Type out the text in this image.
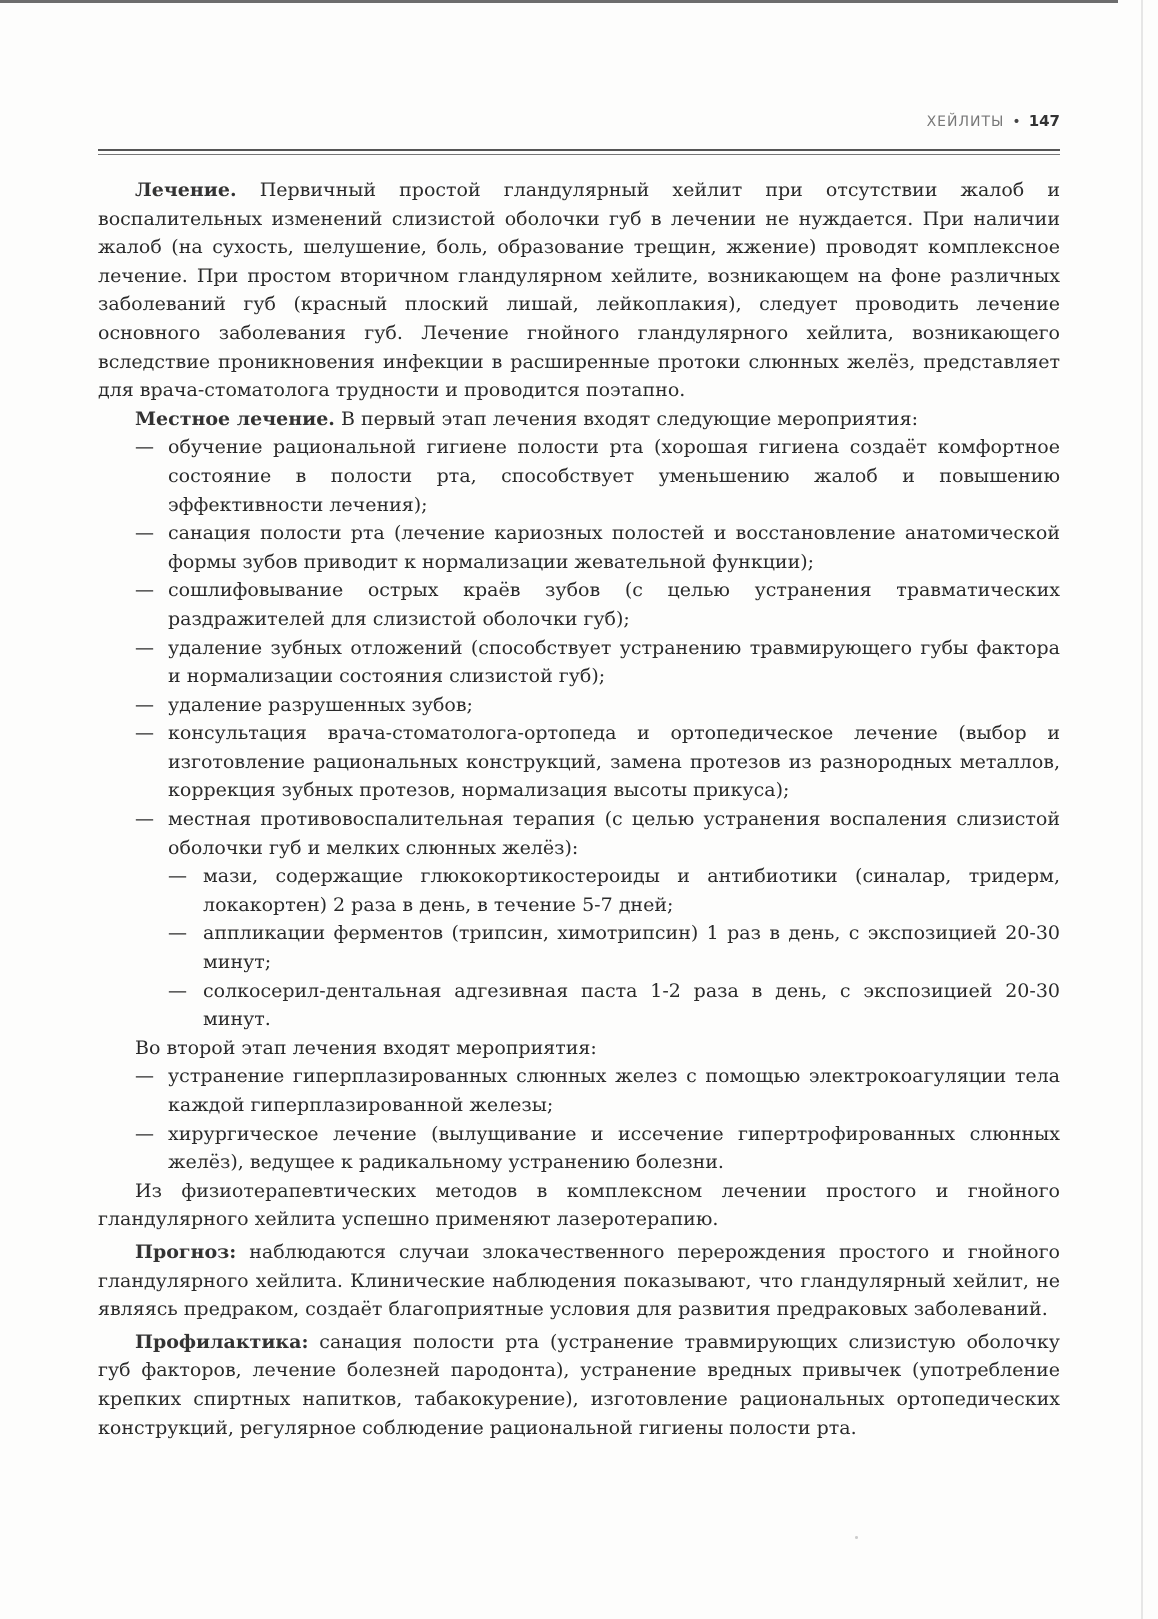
ХЕЙЛИТЫ • 147

Лечение. Первичный простой гландулярный хейлит при отсутствии жалоб и воспалительных изменений слизистой оболочки губ в лечении не нуждается. При наличии жалоб (на сухость, шелушение, боль, образование трещин, жжение) проводят комплексное лечение. При простом вторичном гландулярном хейлите, возникающем на фоне различных заболеваний губ (красный плоский лишай, лейкоплакия), следует проводить лечение основного заболевания губ. Лечение гнойного гландулярного хейлита, возникающего вследствие проникновения инфекции в расширенные протоки слюнных желёз, представляет для врача-стоматолога трудности и проводится поэтапно.

Местное лечение. В первый этап лечения входят следующие мероприятия:

— обучение рациональной гигиене полости рта (хорошая гигиена создаёт комфортное состояние в полости рта, способствует уменьшению жалоб и повышению эффективности лечения);

— санация полости рта (лечение кариозных полостей и восстановление анатомической формы зубов приводит к нормализации жевательной функции);

— сошлифовывание острых краёв зубов (с целью устранения травматических раздражителей для слизистой оболочки губ);

— удаление зубных отложений (способствует устранению травмирующего губы фактора и нормализации состояния слизистой губ);

— удаление разрушенных зубов;

— консультация врача-стоматолога-ортопеда и ортопедическое лечение (выбор и изготовление рациональных конструкций, замена протезов из разнородных металлов, коррекция зубных протезов, нормализация высоты прикуса);

— местная противовоспалительная терапия (с целью устранения воспаления слизистой оболочки губ и мелких слюнных желёз):

— мази, содержащие глюкокортикостероиды и антибиотики (синалар, тридерм, локакортен) 2 раза в день, в течение 5-7 дней;

— аппликации ферментов (трипсин, химотрипсин) 1 раз в день, с экспозицией 20-30 минут;

— солкосерил-дентальная адгезивная паста 1-2 раза в день, с экспозицией 20-30 минут.

Во второй этап лечения входят мероприятия:

— устранение гиперплазированных слюнных желез с помощью электрокоагуляции тела каждой гиперплазированной железы;

— хирургическое лечение (вылущивание и иссечение гипертрофированных слюнных желёз), ведущее к радикальному устранению болезни.

Из физиотерапевтических методов в комплексном лечении простого и гнойного гландулярного хейлита успешно применяют лазеротерапию.

Прогноз: наблюдаются случаи злокачественного перерождения простого и гнойного гландулярного хейлита. Клинические наблюдения показывают, что гландулярный хейлит, не являясь предраком, создаёт благоприятные условия для развития предраковых заболеваний.

Профилактика: санация полости рта (устранение травмирующих слизистую оболочку губ факторов, лечение болезней пародонта), устранение вредных привычек (употребление крепких спиртных напитков, табакокурение), изготовление рациональных ортопедических конструкций, регулярное соблюдение рациональной гигиены полости рта.
